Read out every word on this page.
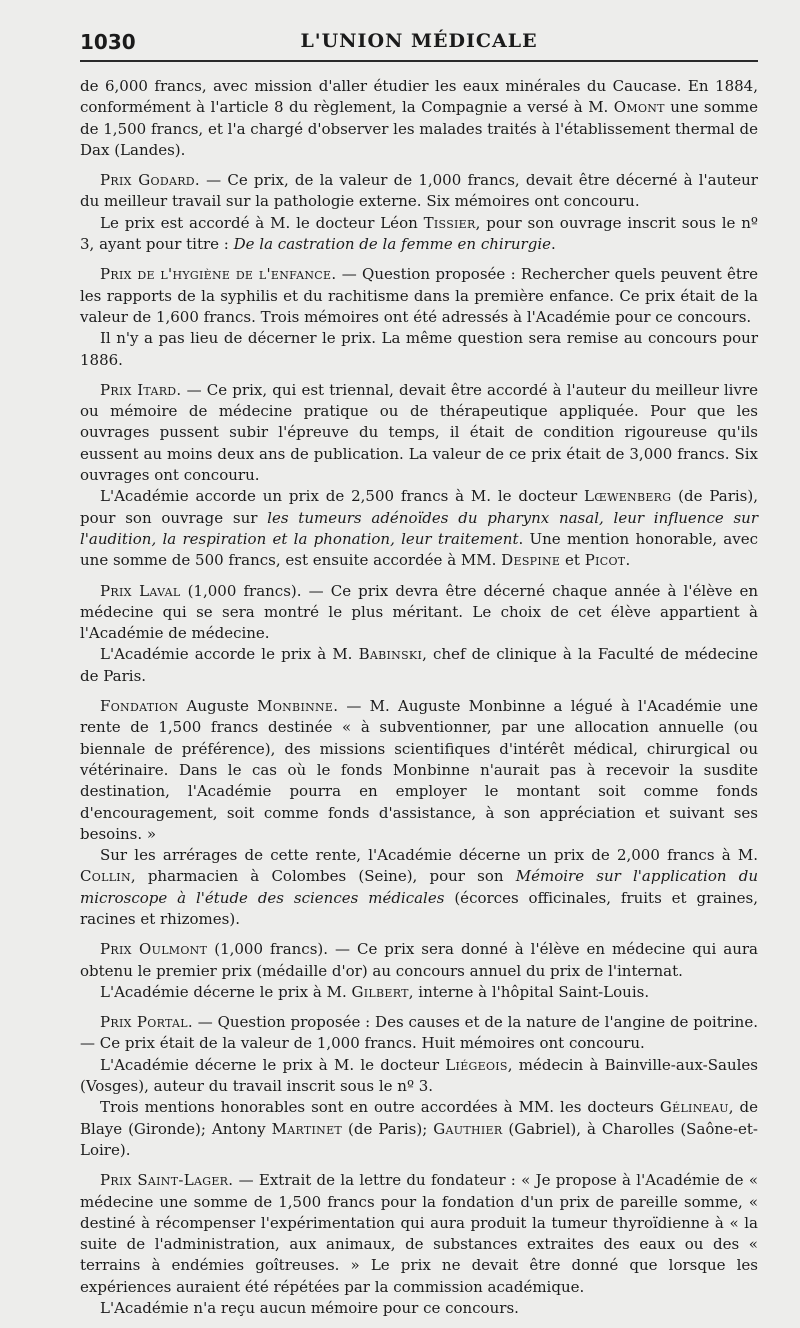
1030	L'UNION MÉDICALE

de 6,000 francs, avec mission d'aller étudier les eaux minérales du Caucase. En 1884, conformément à l'article 8 du règlement, la Compagnie a versé à M. Omont une somme de 1,500 francs, et l'a chargé d'observer les malades traités à l'établissement thermal de Dax (Landes).

Prix Godard. — Ce prix, de la valeur de 1,000 francs, devait être décerné à l'auteur du meilleur travail sur la pathologie externe. Six mémoires ont concouru.

Le prix est accordé à M. le docteur Léon Tissier, pour son ouvrage inscrit sous le nº 3, ayant pour titre : De la castration de la femme en chirurgie.

Prix de l'hygiène de l'enfance. — Question proposée : Rechercher quels peuvent être les rapports de la syphilis et du rachitisme dans la première enfance. Ce prix était de la valeur de 1,600 francs. Trois mémoires ont été adressés à l'Académie pour ce concours.

Il n'y a pas lieu de décerner le prix. La même question sera remise au concours pour 1886.

Prix Itard. — Ce prix, qui est triennal, devait être accordé à l'auteur du meilleur livre ou mémoire de médecine pratique ou de thérapeutique appliquée. Pour que les ouvrages pussent subir l'épreuve du temps, il était de condition rigoureuse qu'ils eussent au moins deux ans de publication. La valeur de ce prix était de 3,000 francs. Six ouvrages ont concouru.

L'Académie accorde un prix de 2,500 francs à M. le docteur Lœwenberg (de Paris), pour son ouvrage sur les tumeurs adénoïdes du pharynx nasal, leur influence sur l'audition, la respiration et la phonation, leur traitement. Une mention honorable, avec une somme de 500 francs, est ensuite accordée à MM. Despine et Picot.

Prix Laval (1,000 francs). — Ce prix devra être décerné chaque année à l'élève en médecine qui se sera montré le plus méritant. Le choix de cet élève appartient à l'Académie de médecine.

L'Académie accorde le prix à M. Babinski, chef de clinique à la Faculté de médecine de Paris.

Fondation Auguste Monbinne. — M. Auguste Monbinne a légué à l'Académie une rente de 1,500 francs destinée « à subventionner, par une allocation annuelle (ou biennale de préférence), des missions scientifiques d'intérêt médical, chirurgical ou vétérinaire. Dans le cas où le fonds Monbinne n'aurait pas à recevoir la susdite destination, l'Académie pourra en employer le montant soit comme fonds d'encouragement, soit comme fonds d'assistance, à son appréciation et suivant ses besoins. »

Sur les arrérages de cette rente, l'Académie décerne un prix de 2,000 francs à M. Collin, pharmacien à Colombes (Seine), pour son Mémoire sur l'application du microscope à l'étude des sciences médicales (écorces officinales, fruits et graines, racines et rhizomes).

Prix Oulmont (1,000 francs). — Ce prix sera donné à l'élève en médecine qui aura obtenu le premier prix (médaille d'or) au concours annuel du prix de l'internat.

L'Académie décerne le prix à M. Gilbert, interne à l'hôpital Saint-Louis.

Prix Portal. — Question proposée : Des causes et de la nature de l'angine de poitrine. — Ce prix était de la valeur de 1,000 francs. Huit mémoires ont concouru.

L'Académie décerne le prix à M. le docteur Liégeois, médecin à Bainville-aux-Saules (Vosges), auteur du travail inscrit sous le nº 3.

Trois mentions honorables sont en outre accordées à MM. les docteurs Gélineau, de Blaye (Gironde); Antony Martinet (de Paris); Gauthier (Gabriel), à Charolles (Saône-et-Loire).

Prix Saint-Lager. — Extrait de la lettre du fondateur : « Je propose à l'Académie de « médecine une somme de 1,500 francs pour la fondation d'un prix de pareille somme, « destiné à récompenser l'expérimentation qui aura produit la tumeur thyroïdienne à « la suite de l'administration, aux animaux, de substances extraites des eaux ou des « terrains à endémies goîtreuses. » Le prix ne devait être donné que lorsque les expériences auraient été répétées par la commission académique.

L'Académie n'a reçu aucun mémoire pour ce concours.
